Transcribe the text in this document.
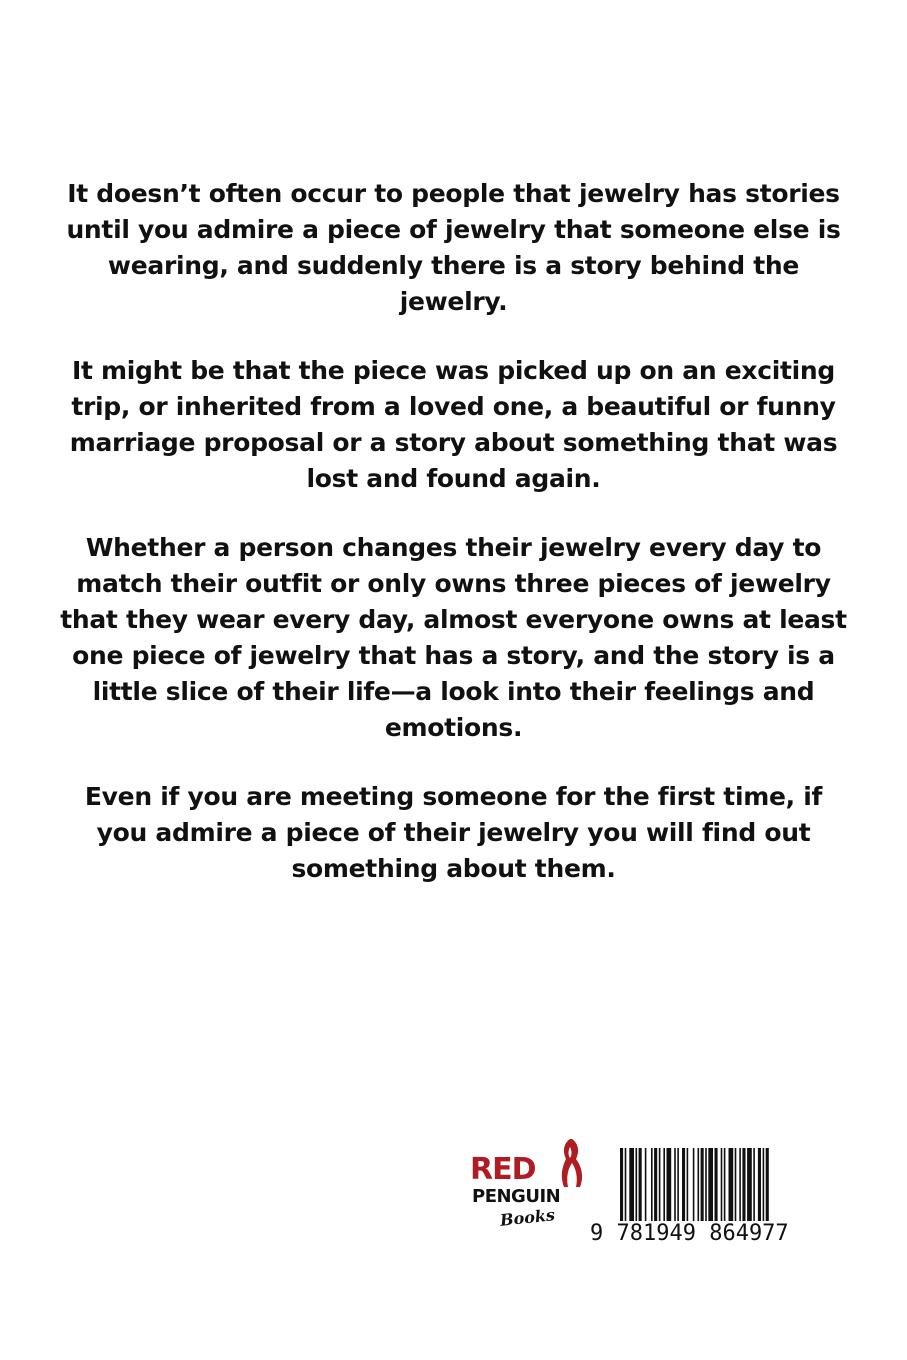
It doesn’t often occur to people that jewelry has stories until you admire a piece of jewelry that someone else is wearing, and suddenly there is a story behind the jewelry.

It might be that the piece was picked up on an exciting trip, or inherited from a loved one, a beautiful or funny marriage proposal or a story about something that was lost and found again.

Whether a person changes their jewelry every day to match their outfit or only owns three pieces of jewelry that they wear every day, almost everyone owns at least one piece of jewelry that has a story, and the story is a little slice of their life—a look into their feelings and emotions.

Even if you are meeting someone for the first time, if you admire a piece of their jewelry you will find out something about them.

RED
PENGUIN
Books
9 781949 864977
